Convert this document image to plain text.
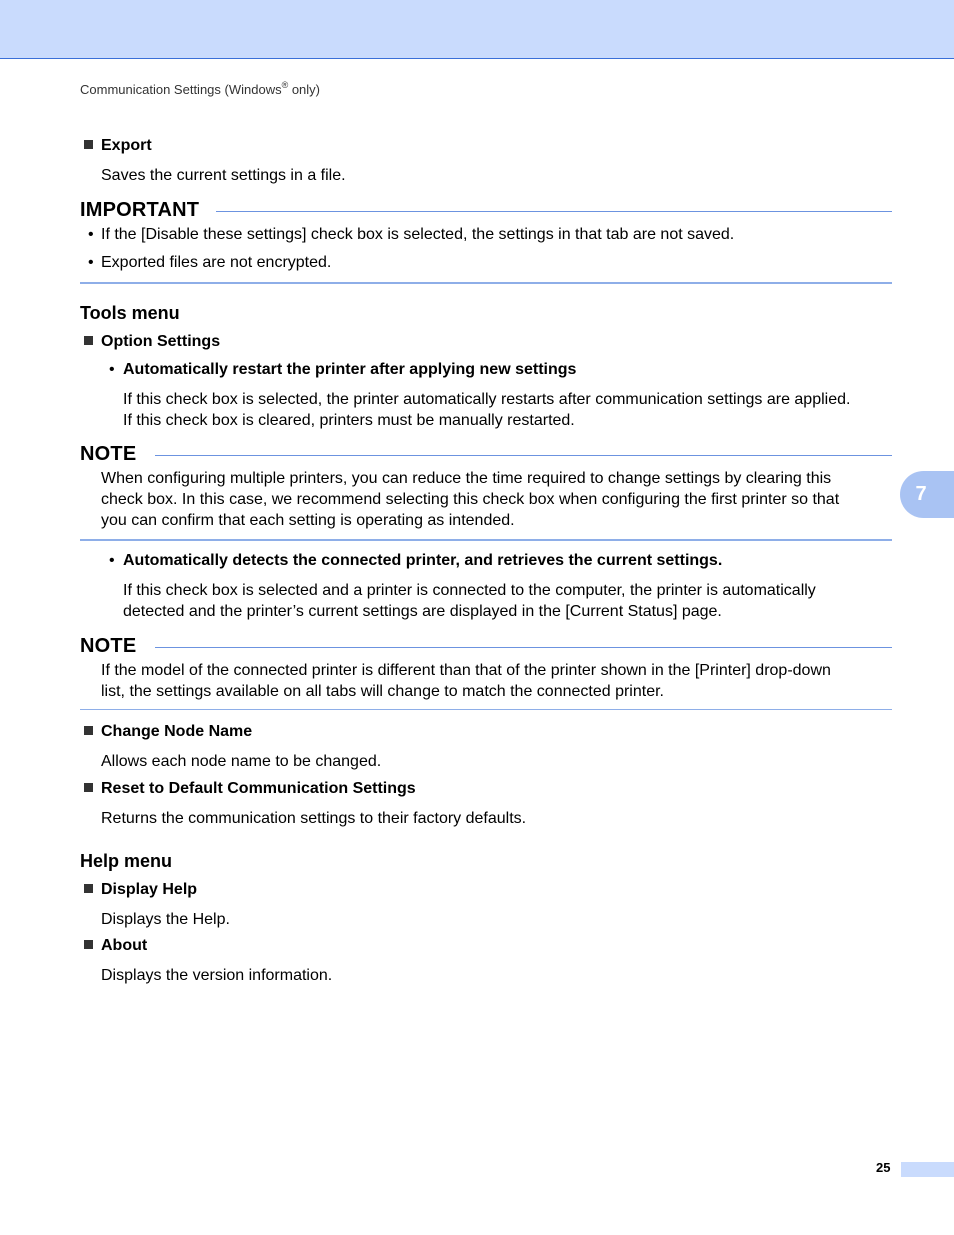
Communication Settings (Windows® only)
Export
Saves the current settings in a file.
IMPORTANT
• If the [Disable these settings] check box is selected, the settings in that tab are not saved.
• Exported files are not encrypted.
Tools menu
Option Settings
• Automatically restart the printer after applying new settings
If this check box is selected, the printer automatically restarts after communication settings are applied.
If this check box is cleared, printers must be manually restarted.
NOTE
When configuring multiple printers, you can reduce the time required to change settings by clearing this
check box. In this case, we recommend selecting this check box when configuring the first printer so that
you can confirm that each setting is operating as intended.
• Automatically detects the connected printer, and retrieves the current settings.
If this check box is selected and a printer is connected to the computer, the printer is automatically
detected and the printer’s current settings are displayed in the [Current Status] page.
NOTE
If the model of the connected printer is different than that of the printer shown in the [Printer] drop-down
list, the settings available on all tabs will change to match the connected printer.
Change Node Name
Allows each node name to be changed.
Reset to Default Communication Settings
Returns the communication settings to their factory defaults.
Help menu
Display Help
Displays the Help.
About
Displays the version information.
7
25
